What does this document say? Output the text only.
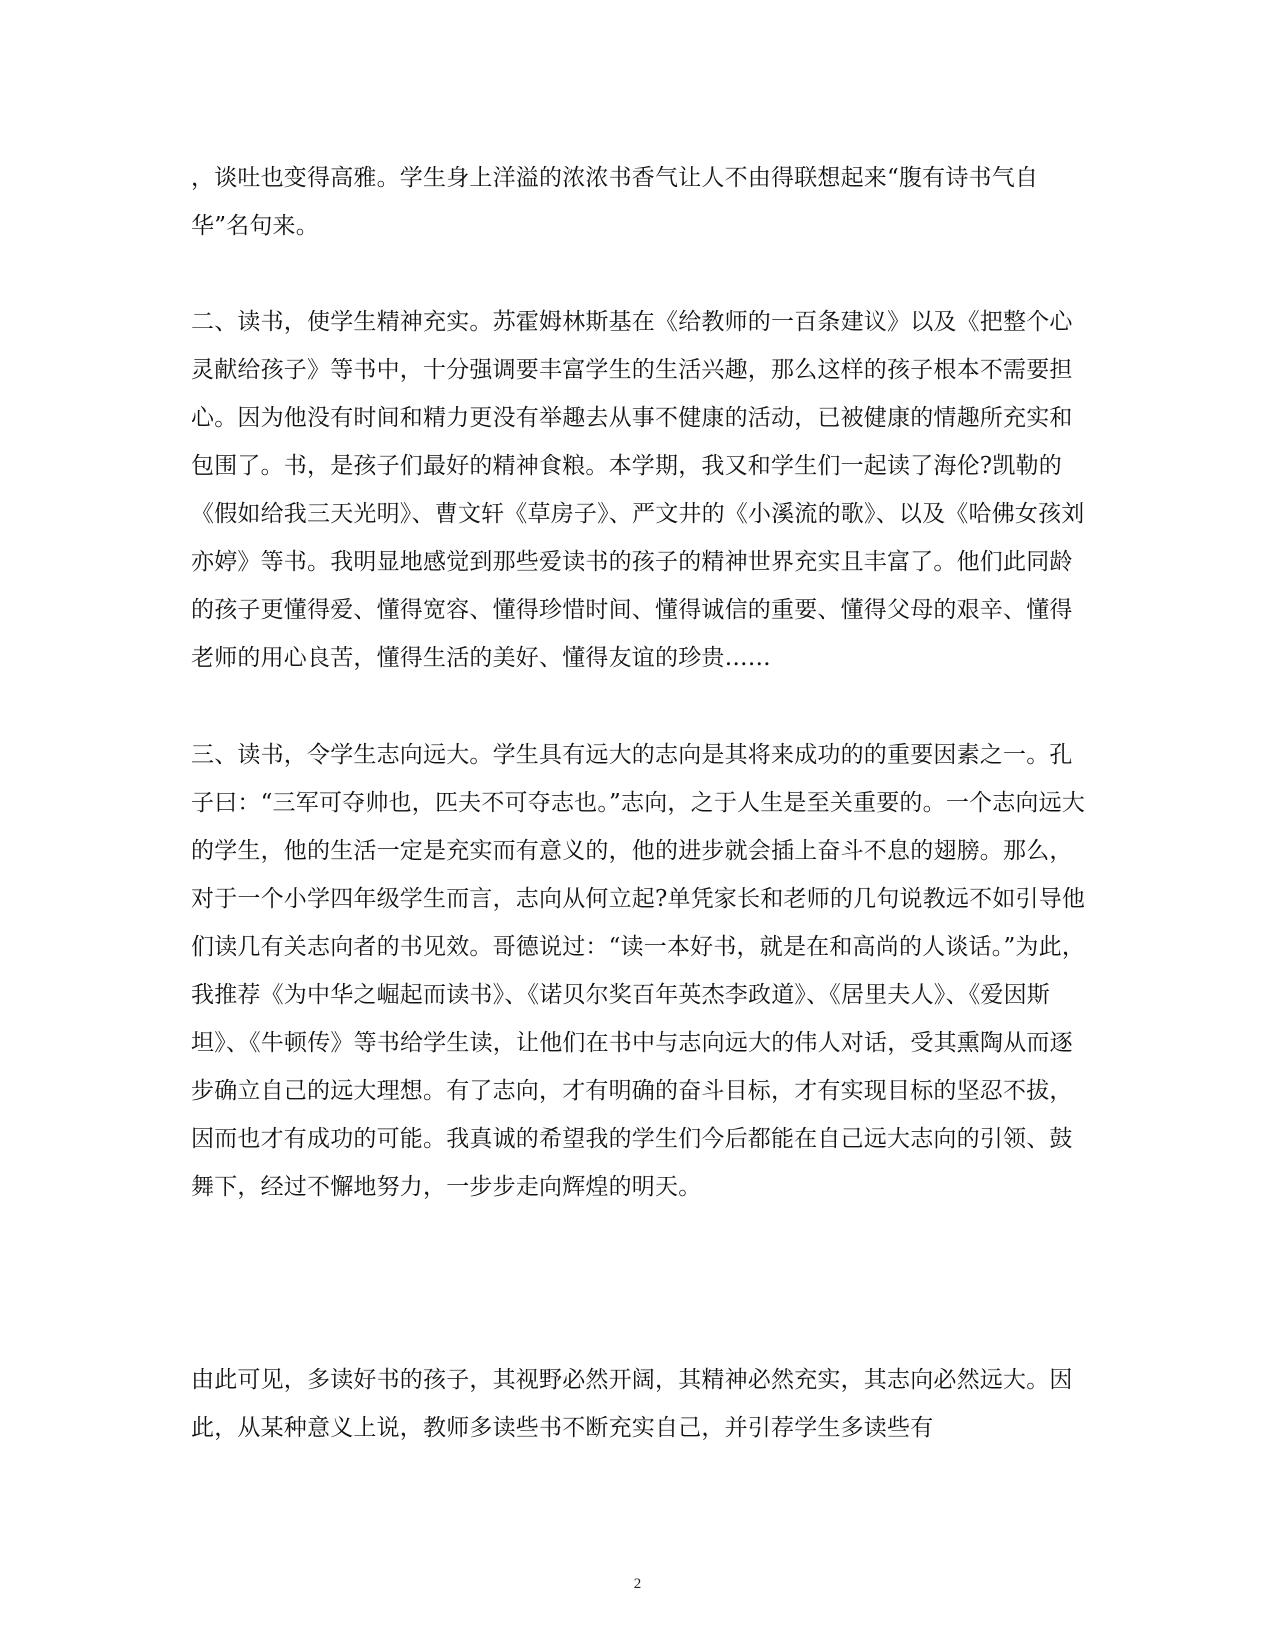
，谈吐也变得高雅。学生身上洋溢的浓浓书香气让人不由得联想起来“腹有诗书气自华”名句来。

二、读书，使学生精神充实。苏霍姆林斯基在《给教师的一百条建议》以及《把整个心灵献给孩子》等书中，十分强调要丰富学生的生活兴趣，那么这样的孩子根本不需要担心。因为他没有时间和精力更没有举趣去从事不健康的活动，已被健康的情趣所充实和包围了。书，是孩子们最好的精神食粮。本学期，我又和学生们一起读了海伦?凯勒的《假如给我三天光明》、曹文轩《草房子》、严文井的《小溪流的歌》、以及《哈佛女孩刘亦婷》等书。我明显地感觉到那些爱读书的孩子的精神世界充实且丰富了。他们此同龄的孩子更懂得爱、懂得宽容、懂得珍惜时间、懂得诚信的重要、懂得父母的艰辛、懂得老师的用心良苦，懂得生活的美好、懂得友谊的珍贵……

三、读书，令学生志向远大。学生具有远大的志向是其将来成功的的重要因素之一。孔子曰：“三军可夺帅也，匹夫不可夺志也。”志向，之于人生是至关重要的。一个志向远大的学生，他的生活一定是充实而有意义的，他的进步就会插上奋斗不息的翅膀。那么，对于一个小学四年级学生而言，志向从何立起?单凭家长和老师的几句说教远不如引导他们读几有关志向者的书见效。哥德说过：“读一本好书，就是在和高尚的人谈话。”为此，我推荐《为中华之崛起而读书》、《诺贝尔奖百年英杰李政道》、《居里夫人》、《爱因斯坦》、《牛顿传》等书给学生读，让他们在书中与志向远大的伟人对话，受其熏陶从而逐步确立自己的远大理想。有了志向，才有明确的奋斗目标，才有实现目标的坚忍不拔，因而也才有成功的可能。我真诚的希望我的学生们今后都能在自己远大志向的引领、鼓舞下，经过不懈地努力，一步步走向辉煌的明天。

由此可见，多读好书的孩子，其视野必然开阔，其精神必然充实，其志向必然远大。因此，从某种意义上说，教师多读些书不断充实自己，并引荐学生多读些有

2
